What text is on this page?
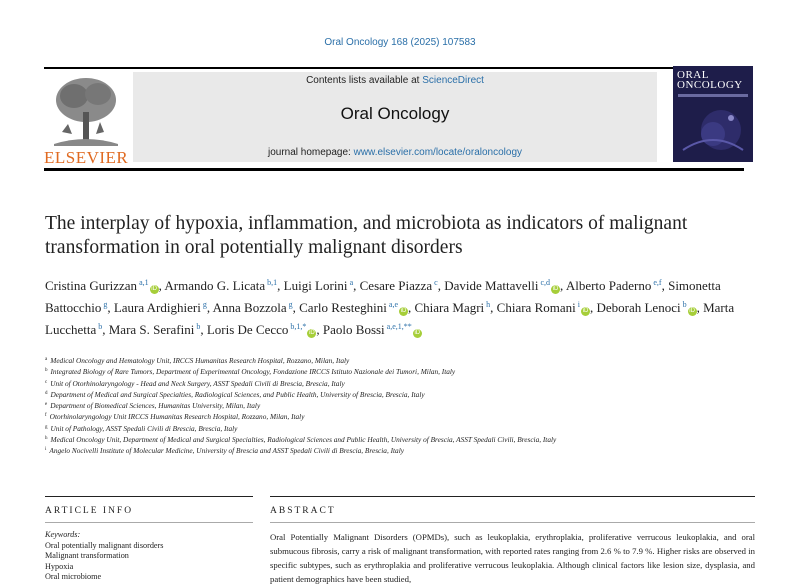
Oral Oncology 168 (2025) 107583
ELSEVIER
Contents lists available at ScienceDirect
Oral Oncology
journal homepage: www.elsevier.com/locate/oraloncology
ORAL
ONCOLOGY
The interplay of hypoxia, inflammation, and microbiota as indicators of malignant transformation in oral potentially malignant disorders
Cristina Gurizzan $^{a,1}$iD , Armando G. Licata $^{b,1}$, Luigi Lorini $^a$, Cesare Piazza $^c$, Davide Mattavelli $^{c,d}$iD , Alberto Paderno $^{e,f}$, Simonetta Battocchio $^g$, Laura Ardighieri $^g$, Anna Bozzola $^g$, Carlo Resteghini $^{a,e}$iD , Chiara Magri $^h$, Chiara Romani $^i$iD , Deborah Lenoci $^b$iD , Marta Lucchetta $^b$, Mara S. Serafini $^b$, Loris De Cecco $^{b,1,*}$iD , Paolo Bossi $^{a,e,1,**}$iD
$^a$ Medical Oncology and Hematology Unit, IRCCS Humanitas Research Hospital, Rozzano, Milan, Italy
$^b$ Integrated Biology of Rare Tumors, Department of Experimental Oncology, Fondazione IRCCS Istituto Nazionale dei Tumori, Milan, Italy
$^c$ Unit of Otorhinolaryngology - Head and Neck Surgery, ASST Spedali Civili di Brescia, Brescia, Italy
$^d$ Department of Medical and Surgical Specialties, Radiological Sciences, and Public Health, University of Brescia, Brescia, Italy
$^e$ Department of Biomedical Sciences, Humanitas University, Milan, Italy
$^f$ Otorhinolaryngology Unit IRCCS Humanitas Research Hospital, Rozzano, Milan, Italy
$^g$ Unit of Pathology, ASST Spedali Civili di Brescia, Brescia, Italy
$^h$ Medical Oncology Unit, Department of Medical and Surgical Specialties, Radiological Sciences and Public Health, University of Brescia, ASST Spedali Civili, Brescia, Italy
$^i$ Angelo Nocivelli Institute of Molecular Medicine, University of Brescia and ASST Spedali Civili di Brescia, Brescia, Italy
ARTICLE INFO	ABSTRACT
Keywords:
Oral potentially malignant disorders
Malignant transformation
Hypoxia
Oral microbiome
Oral Potentially Malignant Disorders (OPMDs), such as leukoplakia, erythroplakia, proliferative verrucous leukoplakia, and oral submucous fibrosis, carry a risk of malignant transformation, with reported rates ranging from 2.6 % to 7.9 %. Higher risks are observed in specific subtypes, such as erythroplakia and proliferative verrucous leukoplakia. Although clinical factors like lesion size, dysplasia, and patient demographics have been studied,
